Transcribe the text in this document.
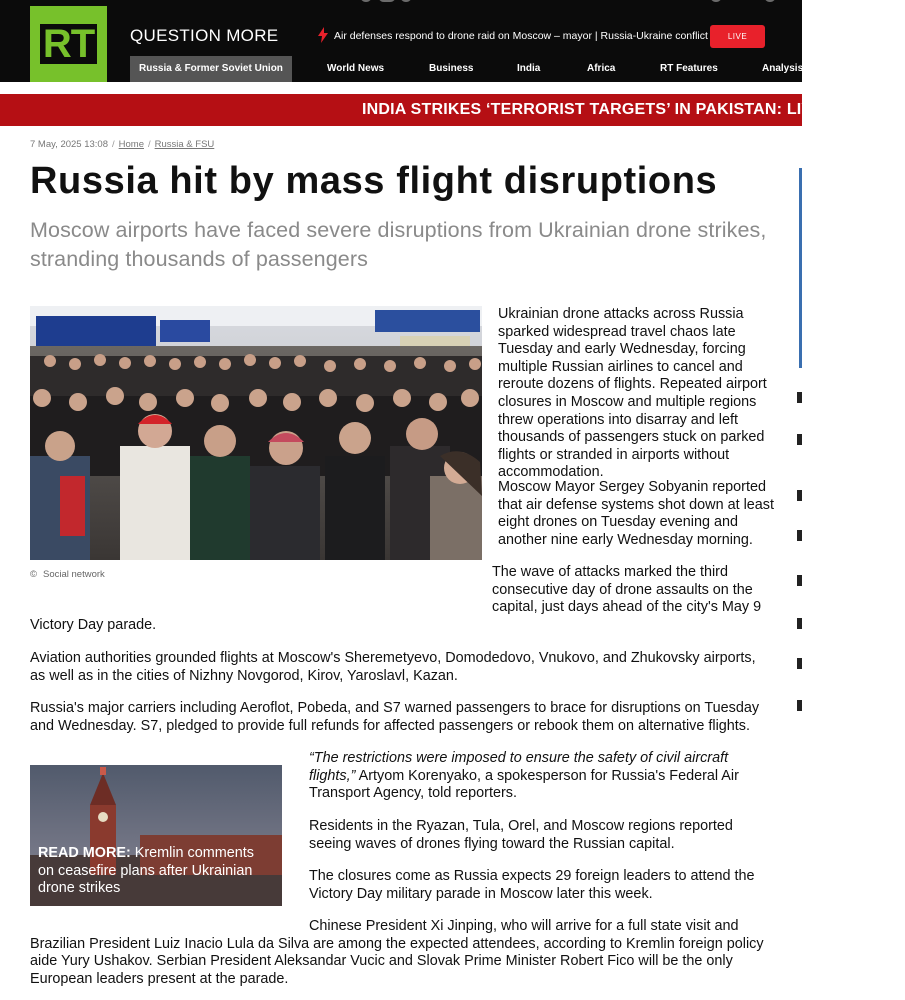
RT QUESTION MORE	Air defenses respond to drone raid on Moscow – mayor | Russia-Ukraine conflict	LIVE
Russia & Former Soviet Union	World News	Business	India	Africa	RT Features	Analysis
INDIA STRIKES ‘TERRORIST TARGETS’ IN PAKISTAN: LIVE UPDATES
7 May, 2025 13:08 / Home / Russia & FSU
Russia hit by mass flight disruptions

Moscow airports have faced severe disruptions from Ukrainian drone strikes, stranding thousands of passengers

© Social network

Ukrainian drone attacks across Russia sparked widespread travel chaos late Tuesday and early Wednesday, forcing multiple Russian airlines to cancel and reroute dozens of flights. Repeated airport closures in Moscow and multiple regions threw operations into disarray and left thousands of passengers stuck on parked flights or stranded in airports without accommodation.

Moscow Mayor Sergey Sobyanin reported that air defense systems shot down at least eight drones on Tuesday evening and another nine early Wednesday morning.

The wave of attacks marked the third consecutive day of drone assaults on the capital, just days ahead of the city's May 9 Victory Day parade.

Aviation authorities grounded flights at Moscow's Sheremetyevo, Domodedovo, Vnukovo, and Zhukovsky airports, as well as in the cities of Nizhny Novgorod, Kirov, Yaroslavl, Kazan.

Russia's major carriers including Aeroflot, Pobeda, and S7 warned passengers to brace for disruptions on Tuesday and Wednesday. S7, pledged to provide full refunds for affected passengers or rebook them on alternative flights.

READ MORE: Kremlin comments on ceasefire plans after Ukrainian drone strikes

“The restrictions were imposed to ensure the safety of civil aircraft flights,” Artyom Korenyako, a spokesperson for Russia's Federal Air Transport Agency, told reporters.

Residents in the Ryazan, Tula, Orel, and Moscow regions reported seeing waves of drones flying toward the Russian capital.

The closures come as Russia expects 29 foreign leaders to attend the Victory Day military parade in Moscow later this week.

Chinese President Xi Jinping, who will arrive for a full state visit and Brazilian President Luiz Inacio Lula da Silva are among the expected attendees, according to Kremlin foreign policy aide Yury Ushakov. Serbian President Aleksandar Vucic and Slovak Prime Minister Robert Fico will be the only European leaders present at the parade.
